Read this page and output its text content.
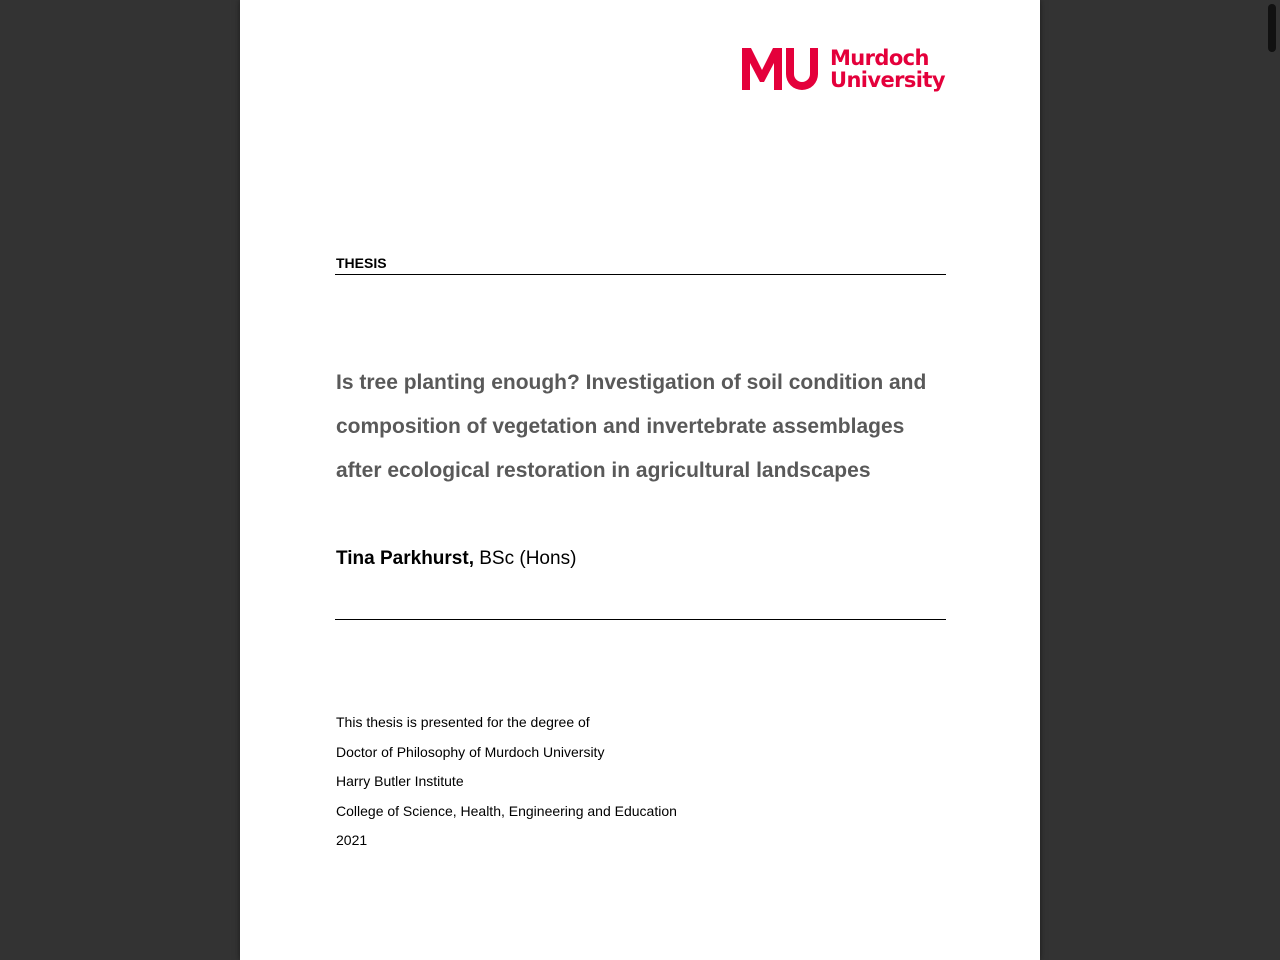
Murdoch
University
THESIS
Is tree planting enough? Investigation of soil condition and composition of vegetation and invertebrate assemblages after ecological restoration in agricultural landscapes
Tina Parkhurst, BSc (Hons)
This thesis is presented for the degree of
Doctor of Philosophy of Murdoch University
Harry Butler Institute
College of Science, Health, Engineering and Education
2021
